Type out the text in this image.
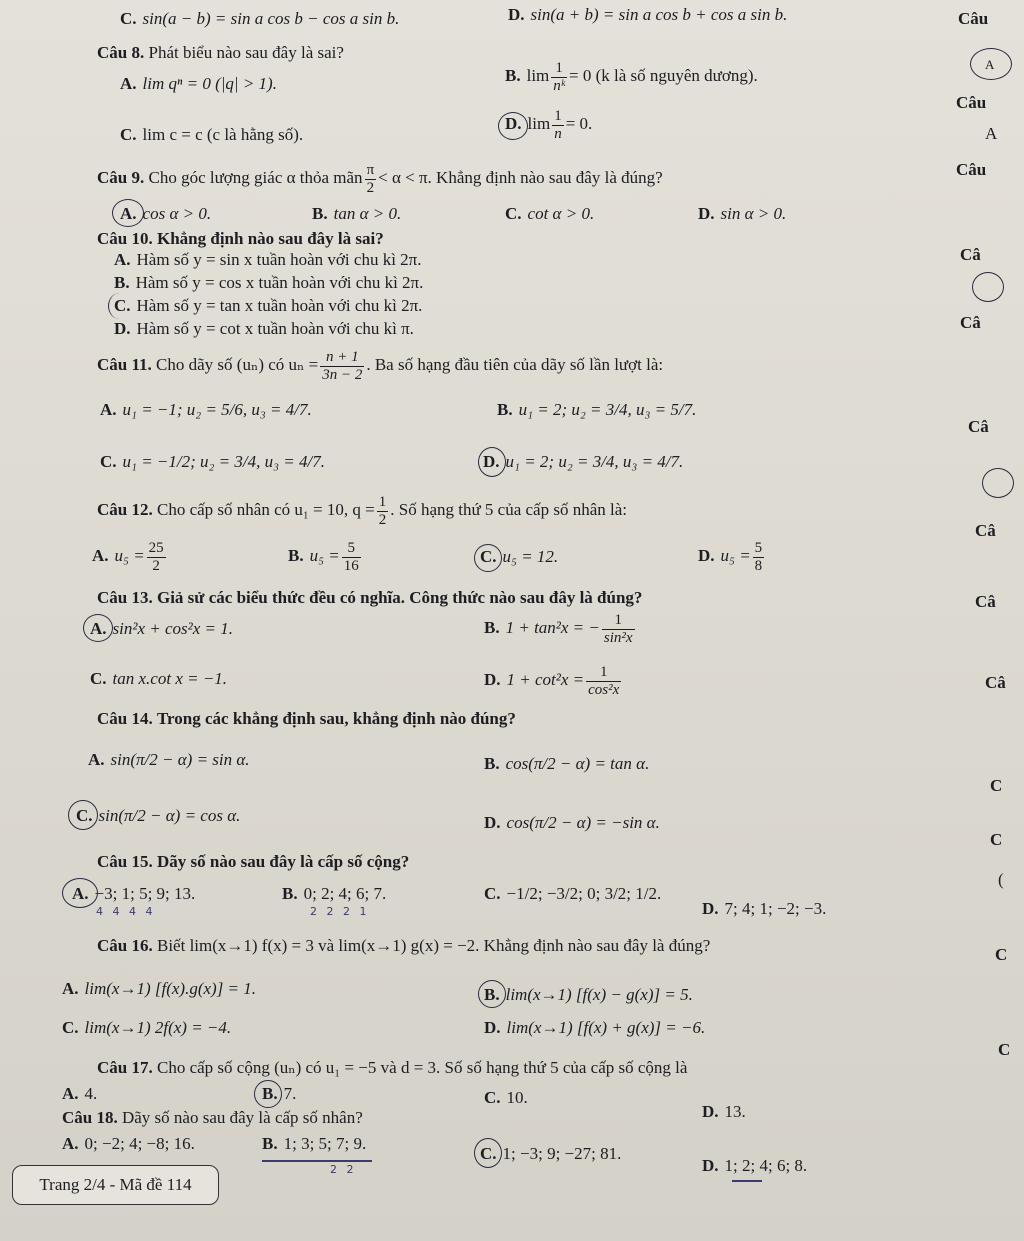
C. sin(a − b) = sin a cos b − cos a sin b.	D. sin(a + b) = sin a cos b + cos a sin b.	Câu
A
Câu
A
Câu
Câ
Câ
Câ
Câ
Câ
Câ
C
C
C
(
C
Câu 8. Phát biểu nào sau đây là sai?
A. lim qⁿ = 0 (|q| > 1).	B. $\lim \frac{1}{\text{nᵏ}} = 0$ (k là số nguyên dương).
C. lim c = c (c là hằng số).
D. $\lim \frac{1}{n} = 0$.
Câu 9. Cho góc lượng giác α thỏa mãn $\frac{\pi}{2} < \alpha < \pi$. Khẳng định nào sau đây là đúng?
A. cos α > 0.	B. tan α > 0.	C. cot α > 0.	D. sin α > 0.
Câu 10. Khẳng định nào sau đây là sai?
A. Hàm số y = sin x tuần hoàn với chu kì 2π.
B. Hàm số y = cos x tuần hoàn với chu kì 2π.
C. Hàm số y = tan x tuần hoàn với chu kì 2π.
D. Hàm số y = cot x tuần hoàn với chu kì π.
Câu 11. Cho dãy số (uₙ) có $u_n = \frac{n + 1}{3n - 2}$ . Ba số hạng đầu tiên của dãy số lần lượt là:
A. u₁ = −1; u₂ = 5/6, u₃ = 4/7.	B. u₁ = 2; u₂ = 3/4, u₃ = 5/7.
C. u₁ = −1/2; u₂ = 3/4, u₃ = 4/7.	D. u₁ = 2; u₂ = 3/4, u₃ = 4/7.
Câu 12. Cho cấp số nhân có u₁ = 10, $q = \frac{1}{2}$ . Số hạng thứ 5 của cấp số nhân là:
A. $u_5 = \frac{25}{2}$	B. $u_5 = \frac{5}{16}$	C. u₅ = 12.	D. $u_5 = \frac{5}{8}$
Câu 13. Giả sử các biểu thức đều có nghĩa. Công thức nào sau đây là đúng?
A. sin²x + cos²x = 1.	B. 1 + tan²x = − $\frac{1}{\text{sin²x}}$
C. tan x.cot x = −1.	D. $1 + \cot^2x = \frac{1}{\text{cos²x}}$
Câu 14. Trong các khẳng định sau, khẳng định nào đúng?
A. sin(π/2 − α) = sin α.	B. cos(π/2 − α) = tan α.
C. sin(π/2 − α) = cos α.	D. cos(π/2 − α) = −sin α.
Câu 15. Dãy số nào sau đây là cấp số cộng?
A. −3; 1; 5; 9; 13.
4 4 4 4
B. 0; 2; 4; 6; 7.
2 2 2 1
C. −1/2; −3/2; 0; 3/2; 1/2.
D. 7; 4; 1; −2; −3.
Câu 16. Biết lim(x→1) f(x) = 3 và lim(x→1) g(x) = −2. Khẳng định nào sau đây là đúng?
A. lim(x→1) [f(x).g(x)] = 1.	B. lim(x→1) [f(x) − g(x)] = 5.
C. lim(x→1) 2f(x) = −4.	D. lim(x→1) [f(x) + g(x)] = −6.
Câu 17. Cho cấp số cộng (uₙ) có u₁ = −5 và d = 3. Số số hạng thứ 5 của cấp số cộng là
A. 4.	B. 7.	C. 10.
D. 13.
Câu 18. Dãy số nào sau đây là cấp số nhân?
A. 0; −2; 4; −8; 16.	B. 1; 3; 5; 7; 9.
2 2
C. 1; −3; 9; −27; 81.
D. 1; 2; 4; 6; 8.
Trang 2/4 - Mã đề 114
